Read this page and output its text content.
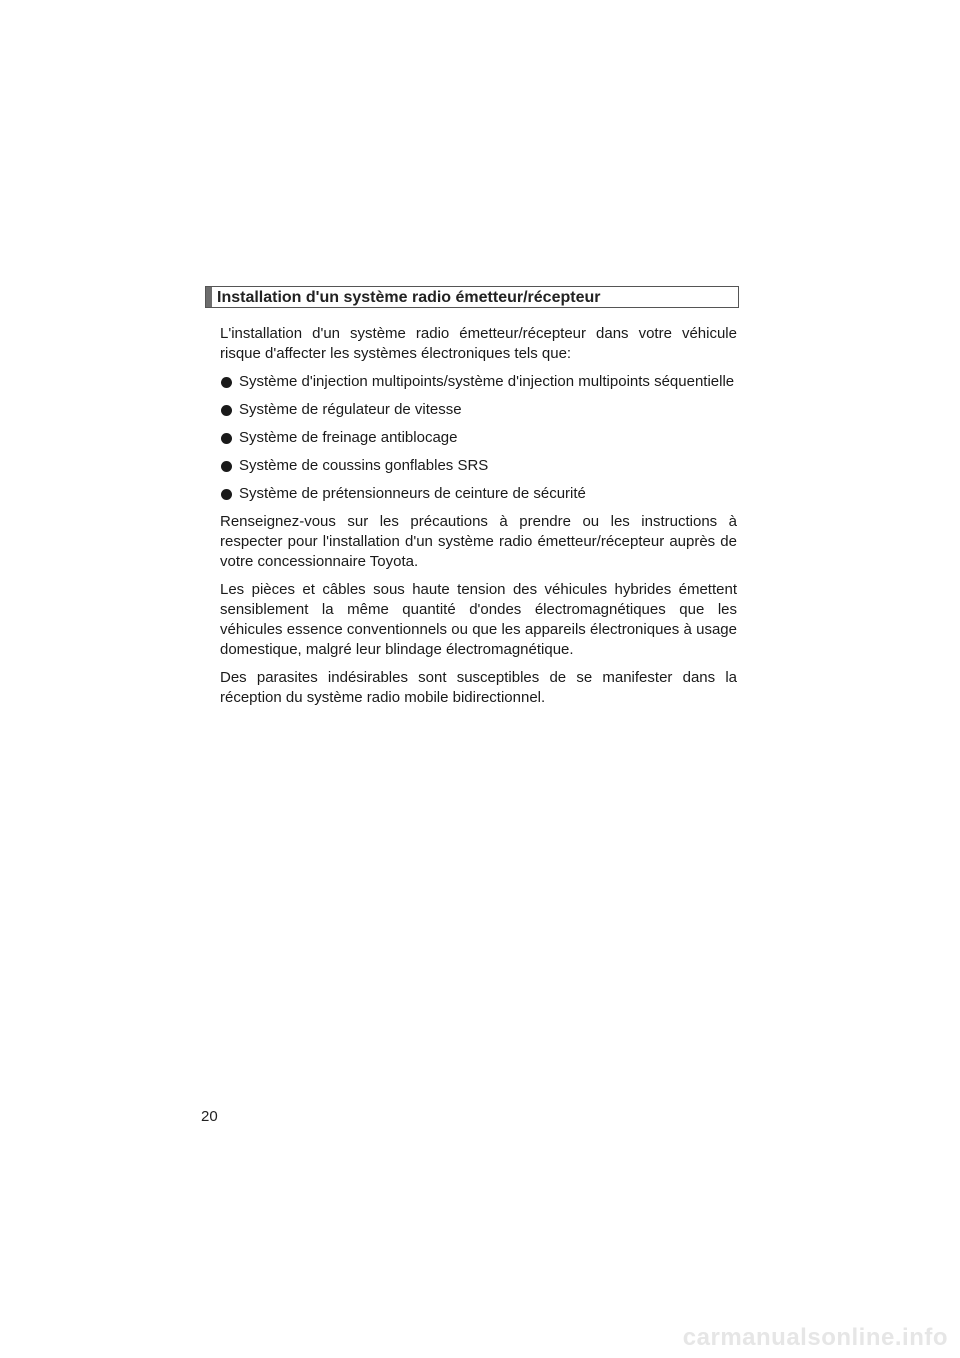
Installation d'un système radio émetteur/récepteur

L'installation d'un système radio émetteur/récepteur dans votre véhicule risque d'affecter les systèmes électroniques tels que:

Système d'injection multipoints/système d'injection multipoints séquentielle
Système de régulateur de vitesse
Système de freinage antiblocage
Système de coussins gonflables SRS
Système de prétensionneurs de ceinture de sécurité

Renseignez-vous sur les précautions à prendre ou les instructions à respecter pour l'installation d'un système radio émetteur/récepteur auprès de votre concessionnaire Toyota.

Les pièces et câbles sous haute tension des véhicules hybrides émettent sensiblement la même quantité d'ondes électromagnétiques que les véhicules essence conventionnels ou que les appareils électroniques à usage domestique, malgré leur blindage électromagnétique.

Des parasites indésirables sont susceptibles de se manifester dans la réception du système radio mobile bidirectionnel.

20
carmanualsonline.info
